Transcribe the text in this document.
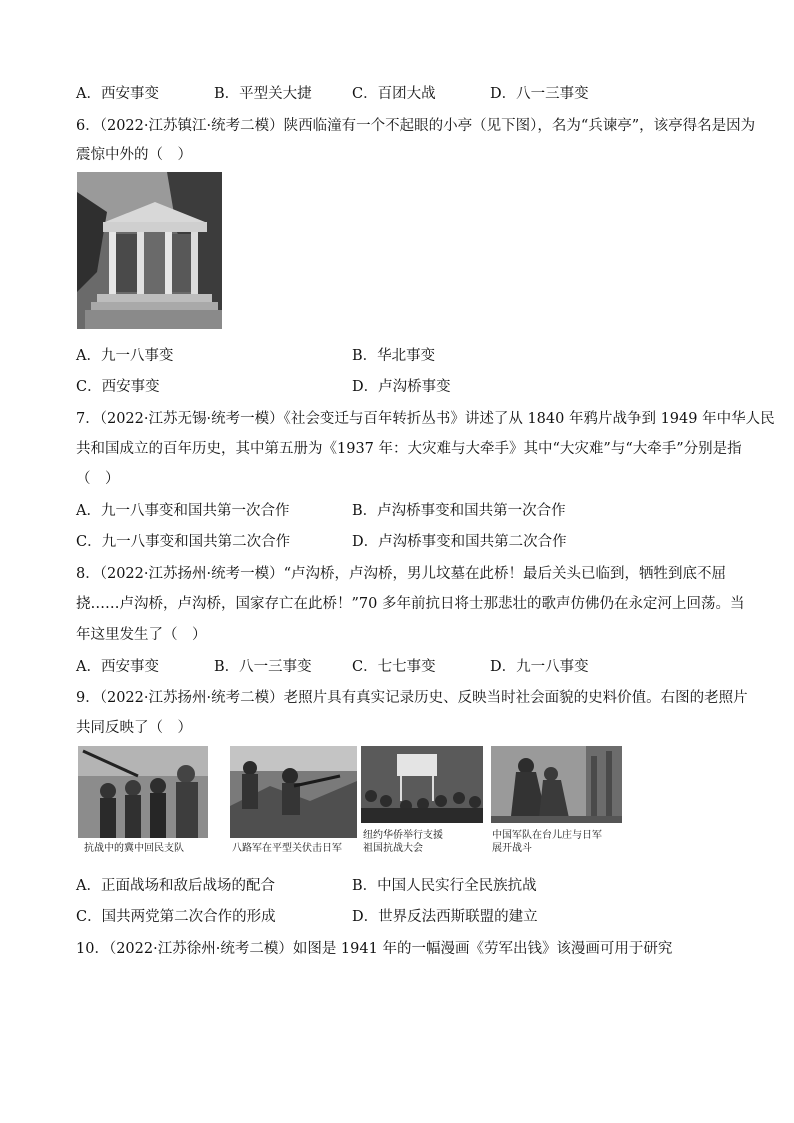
A．西安事变	B．平型关大捷	C．百团大战	D．八一三事变
6．（2022·江苏镇江·统考二模）陕西临潼有一个不起眼的小亭（见下图），名为“兵谏亭”，该亭得名是因为
震惊中外的（　）
A．九一八事变	B．华北事变
C．西安事变	D．卢沟桥事变
7．（2022·江苏无锡·统考一模）《社会变迁与百年转折丛书》讲述了从 1840 年鸦片战争到 1949 年中华人民
共和国成立的百年历史，其中第五册为《1937 年：大灾难与大牵手》其中“大灾难”与“大牵手”分别是指
（　）
A．九一八事变和国共第一次合作	B．卢沟桥事变和国共第一次合作
C．九一八事变和国共第二次合作	D．卢沟桥事变和国共第二次合作
8．（2022·江苏扬州·统考一模）“卢沟桥，卢沟桥，男儿坟墓在此桥！最后关头已临到，牺牲到底不屈
挠……卢沟桥，卢沟桥，国家存亡在此桥！”70 多年前抗日将士那悲壮的歌声仿佛仍在永定河上回荡。当
年这里发生了（　）
A．西安事变	B．八一三事变	C．七七事变	D．九一八事变
9．（2022·江苏扬州·统考二模）老照片具有真实记录历史、反映当时社会面貌的史料价值。右图的老照片
共同反映了（　）
抗战中的冀中回民支队	八路军在平型关伏击日军
纽约华侨举行支援
祖国抗战大会
中国军队在台儿庄与日军
展开战斗
A．正面战场和敌后战场的配合	B．中国人民实行全民族抗战
C．国共两党第二次合作的形成	D．世界反法西斯联盟的建立
10．（2022·江苏徐州·统考二模）如图是 1941 年的一幅漫画《劳军出钱》该漫画可用于研究
